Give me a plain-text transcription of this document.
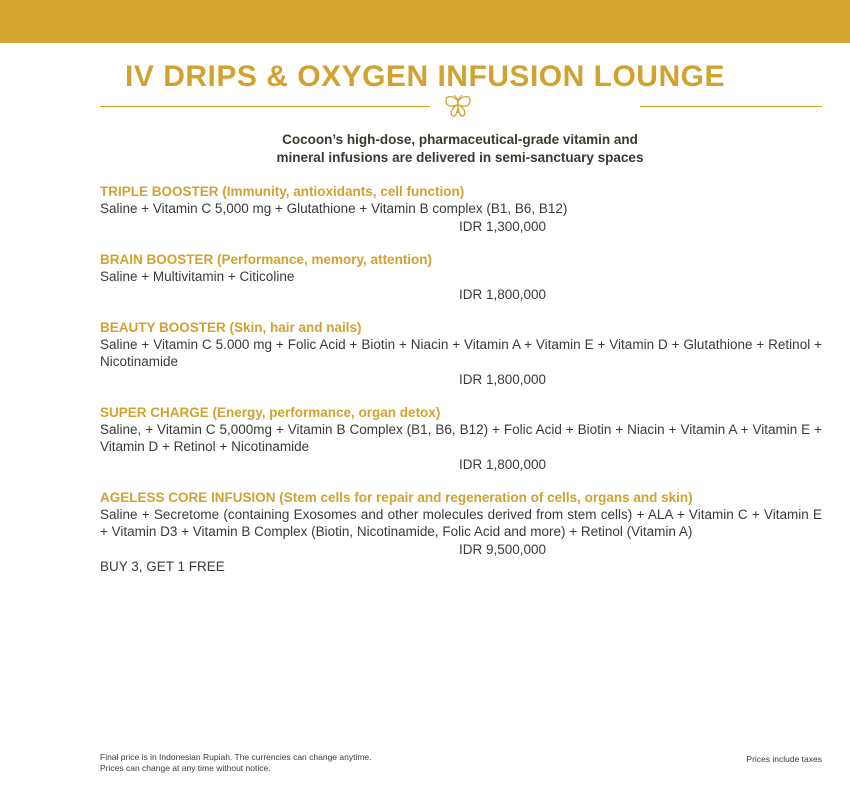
IV DRIPS & OXYGEN INFUSION LOUNGE
Cocoon’s high-dose, pharmaceutical-grade vitamin and
mineral infusions are delivered in semi-sanctuary spaces
TRIPLE BOOSTER (Immunity, antioxidants, cell function)
Saline + Vitamin C 5,000 mg + Glutathione + Vitamin B complex (B1, B6, B12)
IDR 1,300,000
BRAIN BOOSTER (Performance, memory, attention)
Saline + Multivitamin + Citicoline
IDR 1,800,000
BEAUTY BOOSTER (Skin, hair and nails)
Saline + Vitamin C 5.000 mg + Folic Acid + Biotin + Niacin + Vitamin A + Vitamin E + Vitamin D + Glutathione + Retinol + Nicotinamide
IDR 1,800,000
SUPER CHARGE (Energy, performance, organ detox)
Saline, + Vitamin C 5,000mg + Vitamin B Complex (B1, B6, B12) + Folic Acid + Biotin + Niacin + Vitamin A + Vitamin E + Vitamin D + Retinol + Nicotinamide
IDR 1,800,000
AGELESS CORE INFUSION (Stem cells for repair and regeneration of cells, organs and skin)
Saline + Secretome (containing Exosomes and other molecules derived from stem cells) + ALA + Vitamin C + Vitamin E + Vitamin D3 + Vitamin B Complex (Biotin, Nicotinamide, Folic Acid and more) + Retinol (Vitamin A)
IDR 9,500,000
BUY 3, GET 1 FREE
Final price is in Indonesian Rupiah. The currencies can change anytime.
Prices can change at any time without notice.
Prices include taxes
